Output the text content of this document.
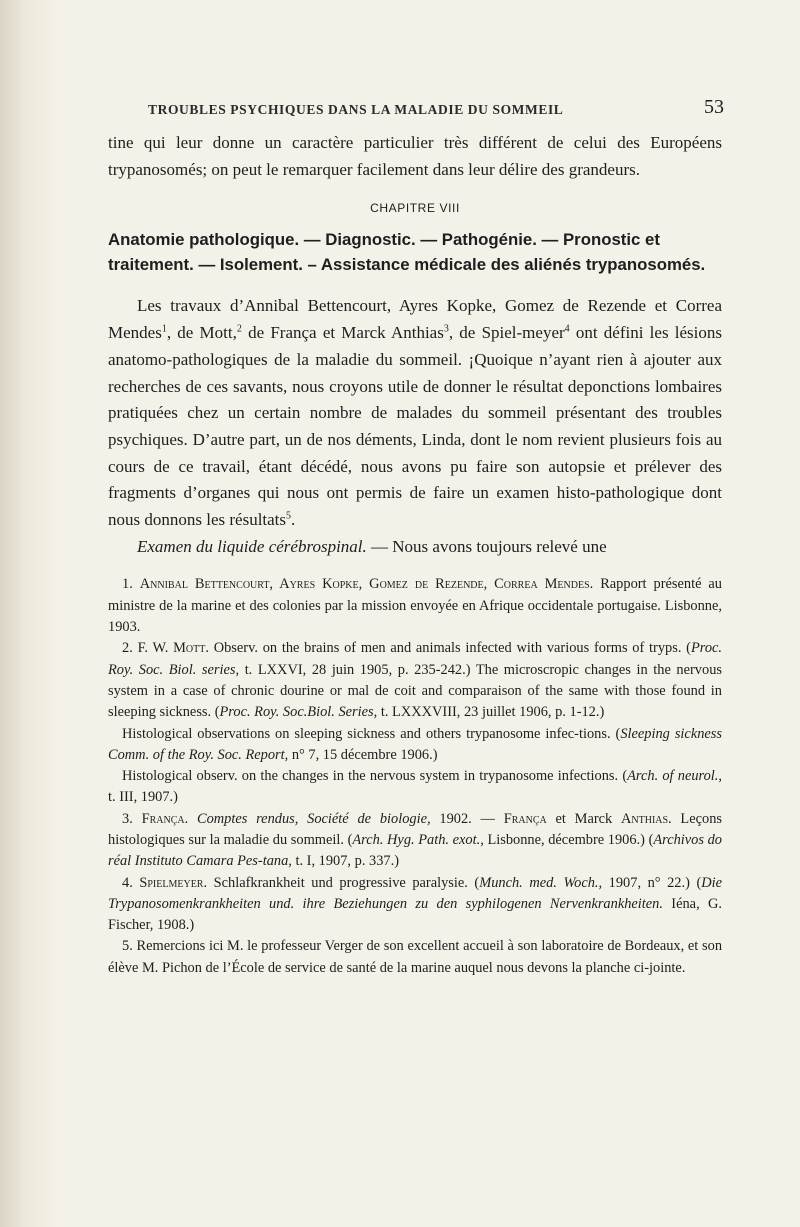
TROUBLES PSYCHIQUES DANS LA MALADIE DU SOMMEIL	53

tine qui leur donne un caractère particulier très différent de celui des Européens trypanosomés; on peut le remarquer facilement dans leur délire des grandeurs.

CHAPITRE VIII
Anatomie pathologique. — Diagnostic. — Pathogénie. — Pronostic et traitement. — Isolement. – Assistance médicale des aliénés trypanosomés.

Les travaux d’Annibal Bettencourt, Ayres Kopke, Gomez de Rezende et Correa Mendes$^1$, de Mott,$^2$ de França et Marck Anthias$^3$, de Spiel-meyer$^4$ ont défini les lésions anatomo-pathologiques de la maladie du sommeil. ¡Quoique n’ayant rien à ajouter aux recherches de ces savants, nous croyons utile de donner le résultat deponctions lombaires pratiquées chez un certain nombre de malades du sommeil présentant des troubles psychiques. D’autre part, un de nos déments, Linda, dont le nom revient plusieurs fois au cours de ce travail, étant décédé, nous avons pu faire son autopsie et prélever des fragments d’organes qui nous ont permis de faire un examen histo-pathologique dont nous donnons les résultats$^5$.

Examen du liquide cérébrospinal. — Nous avons toujours relevé une

1. Annibal Bettencourt, Ayres Kopke, Gomez de Rezende, Correa Mendes. Rapport présenté au ministre de la marine et des colonies par la mission envoyée en Afrique occidentale portugaise. Lisbonne, 1903.

2. F. W. Mott. Observ. on the brains of men and animals infected with various forms of tryps. (Proc. Roy. Soc. Biol. series, t. LXXVI, 28 juin 1905, p. 235-242.) The microscropic changes in the nervous system in a case of chronic dourine or mal de coit and comparaison of the same with those found in sleeping sickness. (Proc. Roy. Soc.Biol. Series, t. LXXXVIII, 23 juillet 1906, p. 1-12.)

Histological observations on sleeping sickness and others trypanosome infec-tions. (Sleeping sickness Comm. of the Roy. Soc. Report, n° 7, 15 décembre 1906.)

Histological observ. on the changes in the nervous system in trypanosome infections. (Arch. of neurol., t. III, 1907.)

3. França. Comptes rendus, Société de biologie, 1902. — França et Marck Anthias. Leçons histologiques sur la maladie du sommeil. (Arch. Hyg. Path. exot., Lisbonne, décembre 1906.) (Archivos do réal Instituto Camara Pes-tana, t. I, 1907, p. 337.)

4. Spielmeyer. Schlafkrankheit und progressive paralysie. (Munch. med. Woch., 1907, n° 22.) (Die Trypanosomenkrankheiten und. ihre Beziehungen zu den syphilogenen Nervenkrankheiten. Iéna, G. Fischer, 1908.)

5. Remercions ici M. le professeur Verger de son excellent accueil à son laboratoire de Bordeaux, et son élève M. Pichon de l’École de service de santé de la marine auquel nous devons la planche ci-jointe.
